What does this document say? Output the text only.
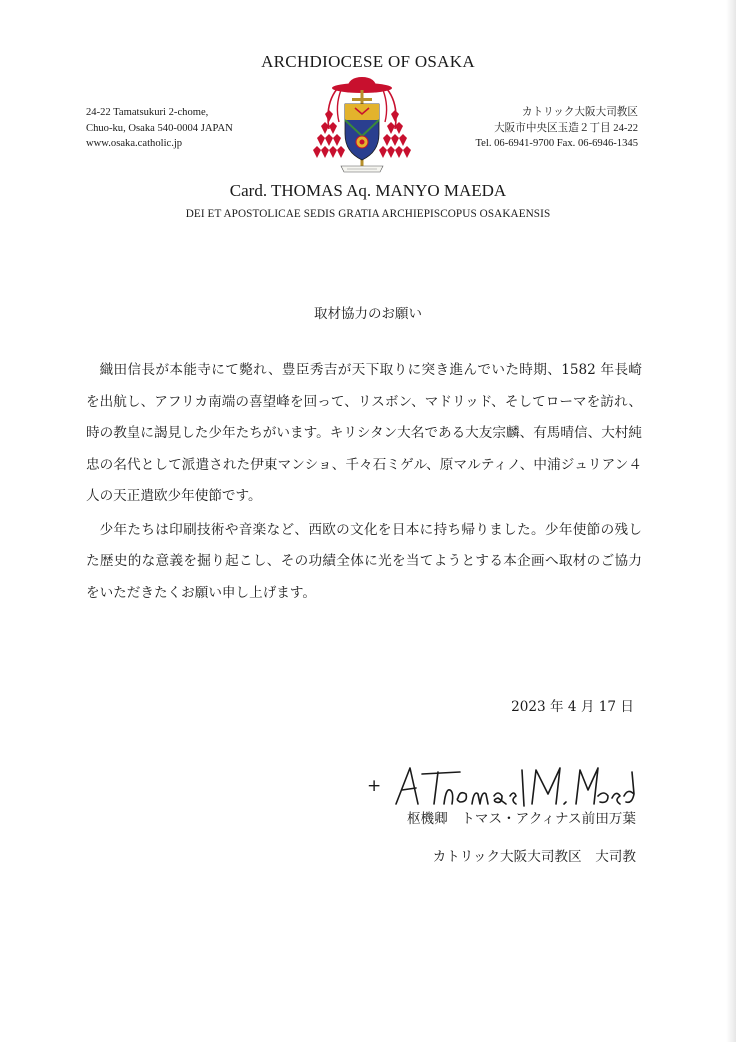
ARCHDIOCESE OF OSAKA
24-22 Tamatsukuri 2-chome,
Chuo-ku, Osaka 540-0004 JAPAN
www.osaka.catholic.jp
カトリック大阪大司教区
大阪市中央区玉造２丁目 24-22
Tel. 06-6941-9700 Fax. 06-6946-1345
Card. THOMAS Aq. MANYO MAEDA
DEI ET APOSTOLICAE SEDIS GRATIA ARCHIEPISCOPUS OSAKAENSIS
取材協力のお願い

織田信長が本能寺にて斃れ、豊臣秀吉が天下取りに突き進んでいた時期、1582 年長崎を出航し、アフリカ南端の喜望峰を回って、リスボン、マドリッド、そしてローマを訪れ、時の教皇に謁見した少年たちがいます。キリシタン大名である大友宗麟、有馬晴信、大村純忠の名代として派遣された伊東マンショ、千々石ミゲル、原マルティノ、中浦ジュリアン４人の天正遣欧少年使節です。

少年たちは印刷技術や音楽など、西欧の文化を日本に持ち帰りました。少年使節の残した歴史的な意義を掘り起こし、その功績全体に光を当てようとする本企画へ取材のご協力をいただきたくお願い申し上げます。

2023 年 4 月 17 日
+
枢機卿　トマス・アクィナス前田万葉
カトリック大阪大司教区　大司教
